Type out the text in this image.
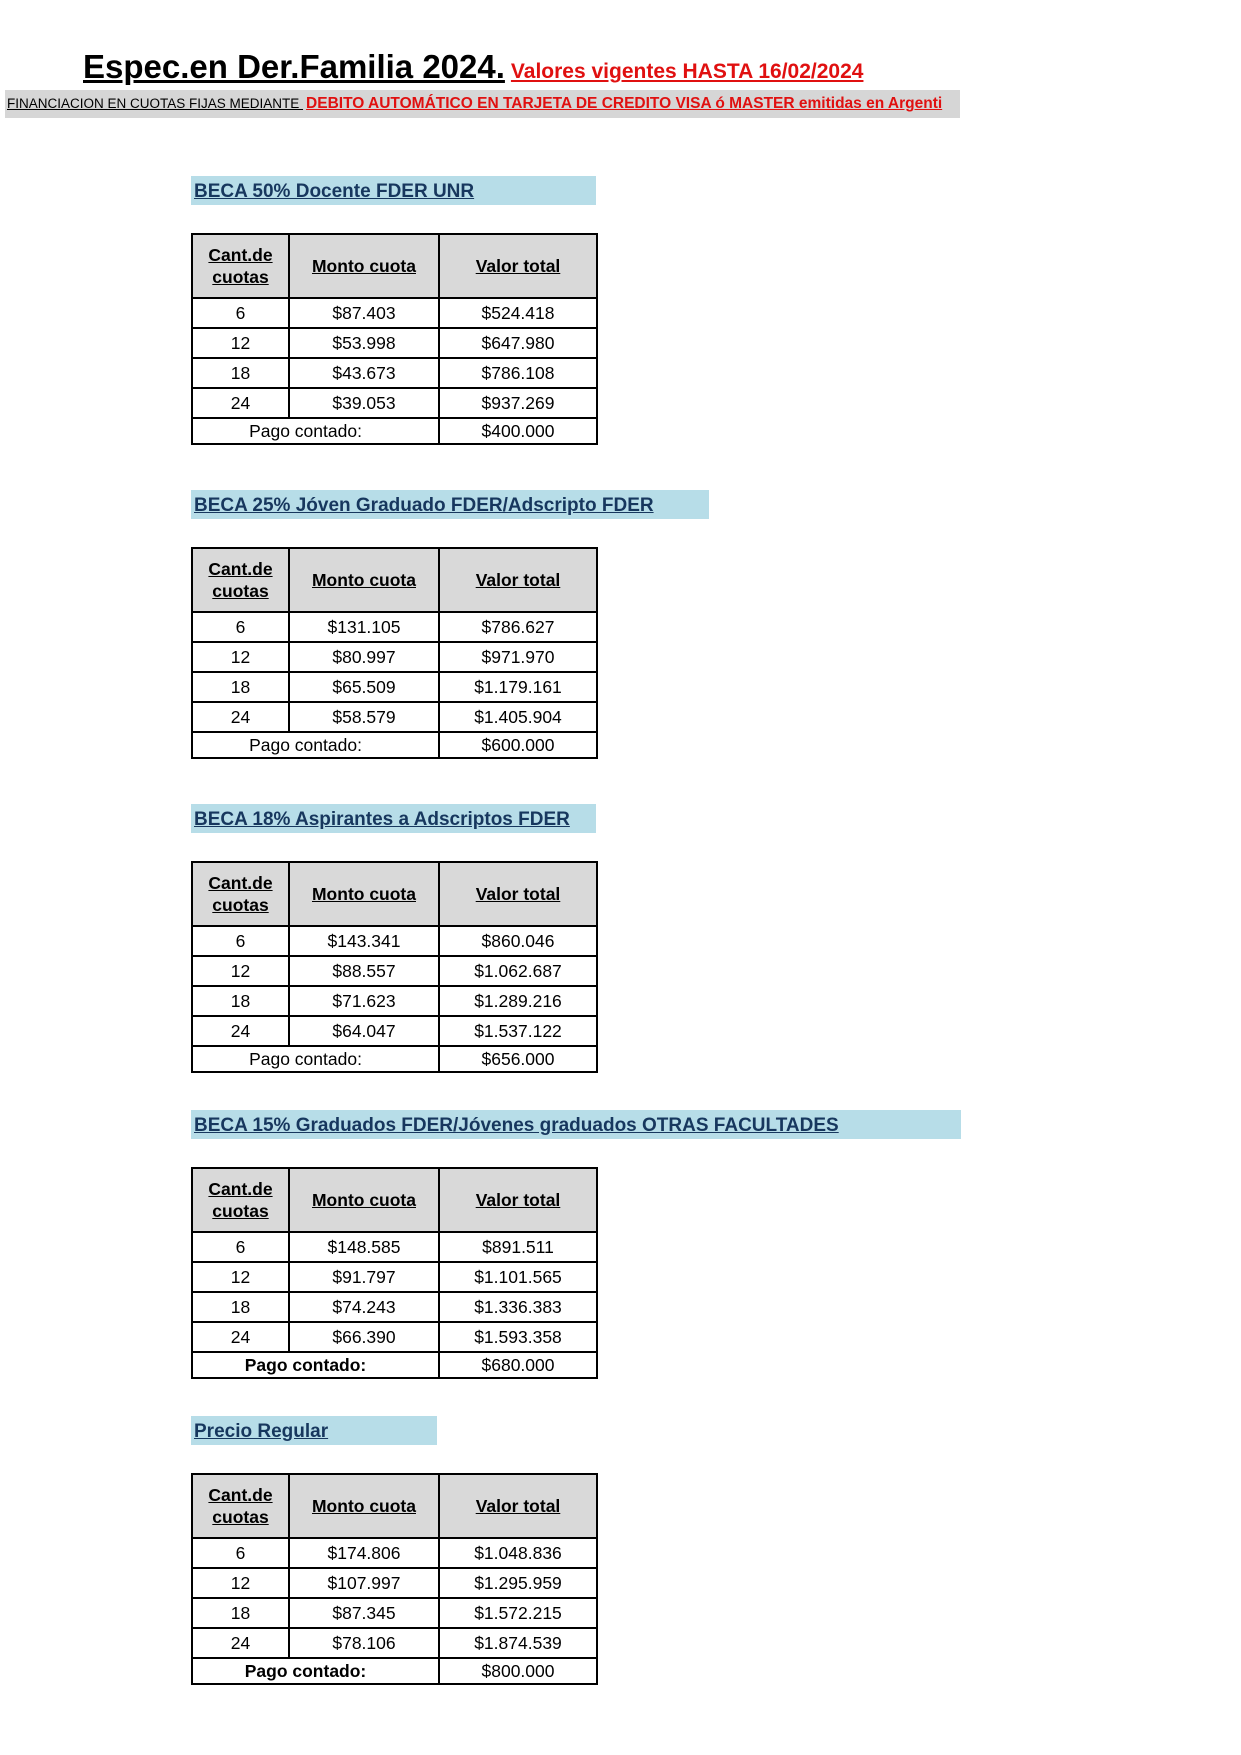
Espec.en Der.Familia 2024. Valores vigentes HASTA 16/02/2024
FINANCIACION EN CUOTAS FIJAS MEDIANTE DEBITO AUTOMÁTICO EN TARJETA DE CREDITO VISA ó MASTER emitidas en Argenti
BECA 50% Docente FDER UNR
Cant.de
cuotas	Monto cuota	Valor total
6	$87.403	$524.418
12	$53.998	$647.980
18	$43.673	$786.108
24	$39.053	$937.269
Pago contado:		$400.000
BECA 25% Jóven Graduado FDER/Adscripto FDER
Cant.de
cuotas	Monto cuota	Valor total
6	$131.105	$786.627
12	$80.997	$971.970
18	$65.509	$1.179.161
24	$58.579	$1.405.904
Pago contado:		$600.000
BECA 18% Aspirantes a Adscriptos FDER
Cant.de
cuotas	Monto cuota	Valor total
6	$143.341	$860.046
12	$88.557	$1.062.687
18	$71.623	$1.289.216
24	$64.047	$1.537.122
Pago contado:		$656.000
BECA 15% Graduados FDER/Jóvenes graduados OTRAS FACULTADES
Cant.de
cuotas	Monto cuota	Valor total
6	$148.585	$891.511
12	$91.797	$1.101.565
18	$74.243	$1.336.383
24	$66.390	$1.593.358
Pago contado:		$680.000
Precio Regular
Cant.de
cuotas	Monto cuota	Valor total
6	$174.806	$1.048.836
12	$107.997	$1.295.959
18	$87.345	$1.572.215
24	$78.106	$1.874.539
Pago contado:		$800.000
